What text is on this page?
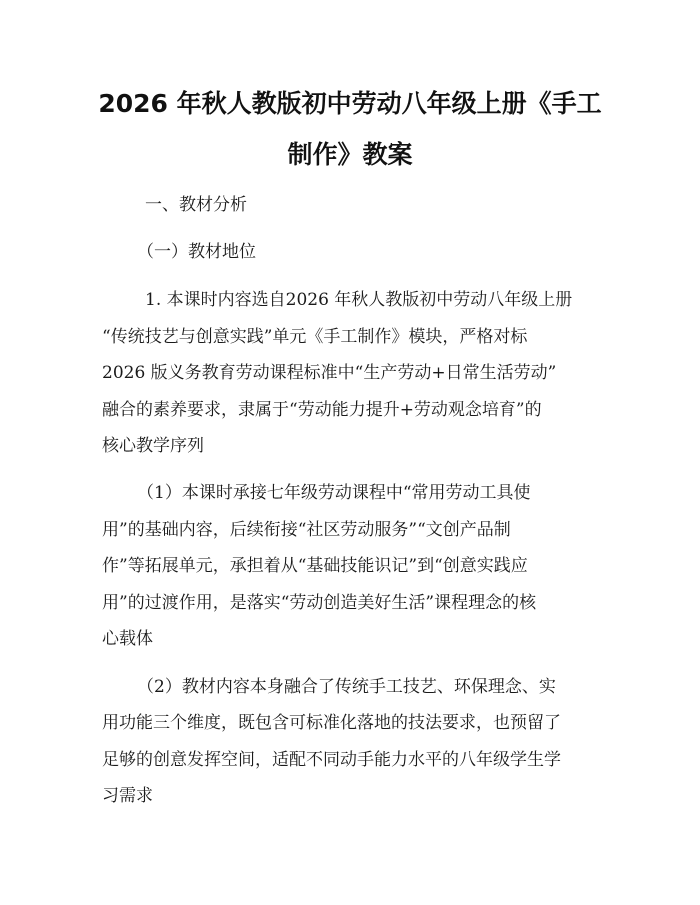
2026 年秋人教版初中劳动八年级上册《手工
制作》教案

一、教材分析

（一）教材地位

1. 本课时内容选自2026 年秋人教版初中劳动八年级上册

“传统技艺与创意实践”单元《手工制作》模块，严格对标

2026 版义务教育劳动课程标准中“生产劳动+日常生活劳动”

融合的素养要求，隶属于“劳动能力提升+劳动观念培育”的

核心教学序列

（1）本课时承接七年级劳动课程中“常用劳动工具使

用”的基础内容，后续衔接“社区劳动服务”“文创产品制

作”等拓展单元，承担着从“基础技能识记”到“创意实践应

用”的过渡作用，是落实“劳动创造美好生活”课程理念的核

心载体

（2）教材内容本身融合了传统手工技艺、环保理念、实

用功能三个维度，既包含可标准化落地的技法要求，也预留了

足够的创意发挥空间，适配不同动手能力水平的八年级学生学

习需求
